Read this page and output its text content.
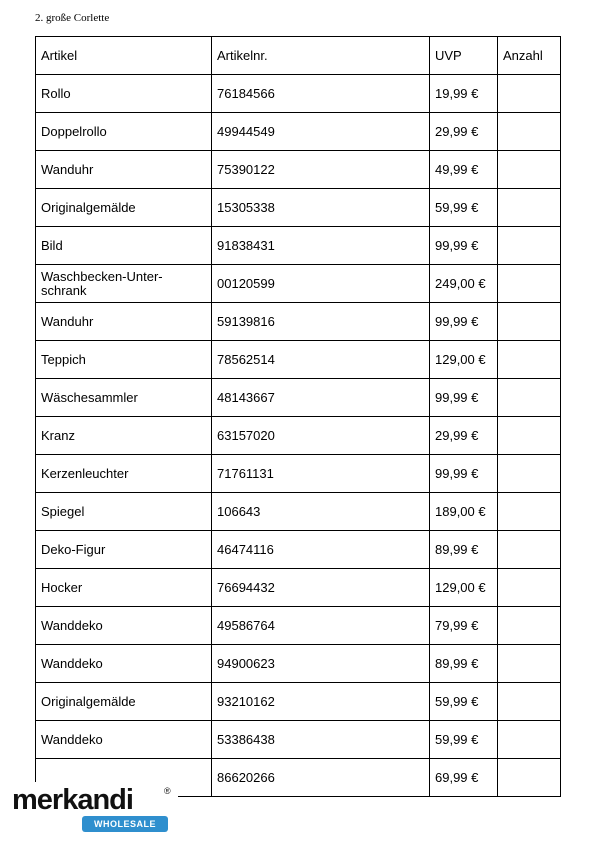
2. große Corlette
Artikel	Artikelnr.	UVP	Anzahl
Rollo	76184566	19,99 €	
Doppelrollo	49944549	29,99 €	
Wanduhr	75390122	49,99 €	
Originalgemälde	15305338	59,99 €	
Bild	91838431	99,99 €	
Waschbecken-Unter-schrank	00120599	249,00 €	
Wanduhr	59139816	99,99 €	
Teppich	78562514	129,00 €	
Wäschesammler	48143667	99,99 €	
Kranz	63157020	29,99 €	
Kerzenleuchter	71761131	99,99 €	
Spiegel	106643	189,00 €	
Deko-Figur	46474116	89,99 €	
Hocker	76694432	129,00 €	
Wanddeko	49586764	79,99 €	
Wanddeko	94900623	89,99 €	
Originalgemälde	93210162	59,99 €	
Wanddeko	53386438	59,99 €	
	86620266	69,99 €	
merkandi	®
WHOLESALE
